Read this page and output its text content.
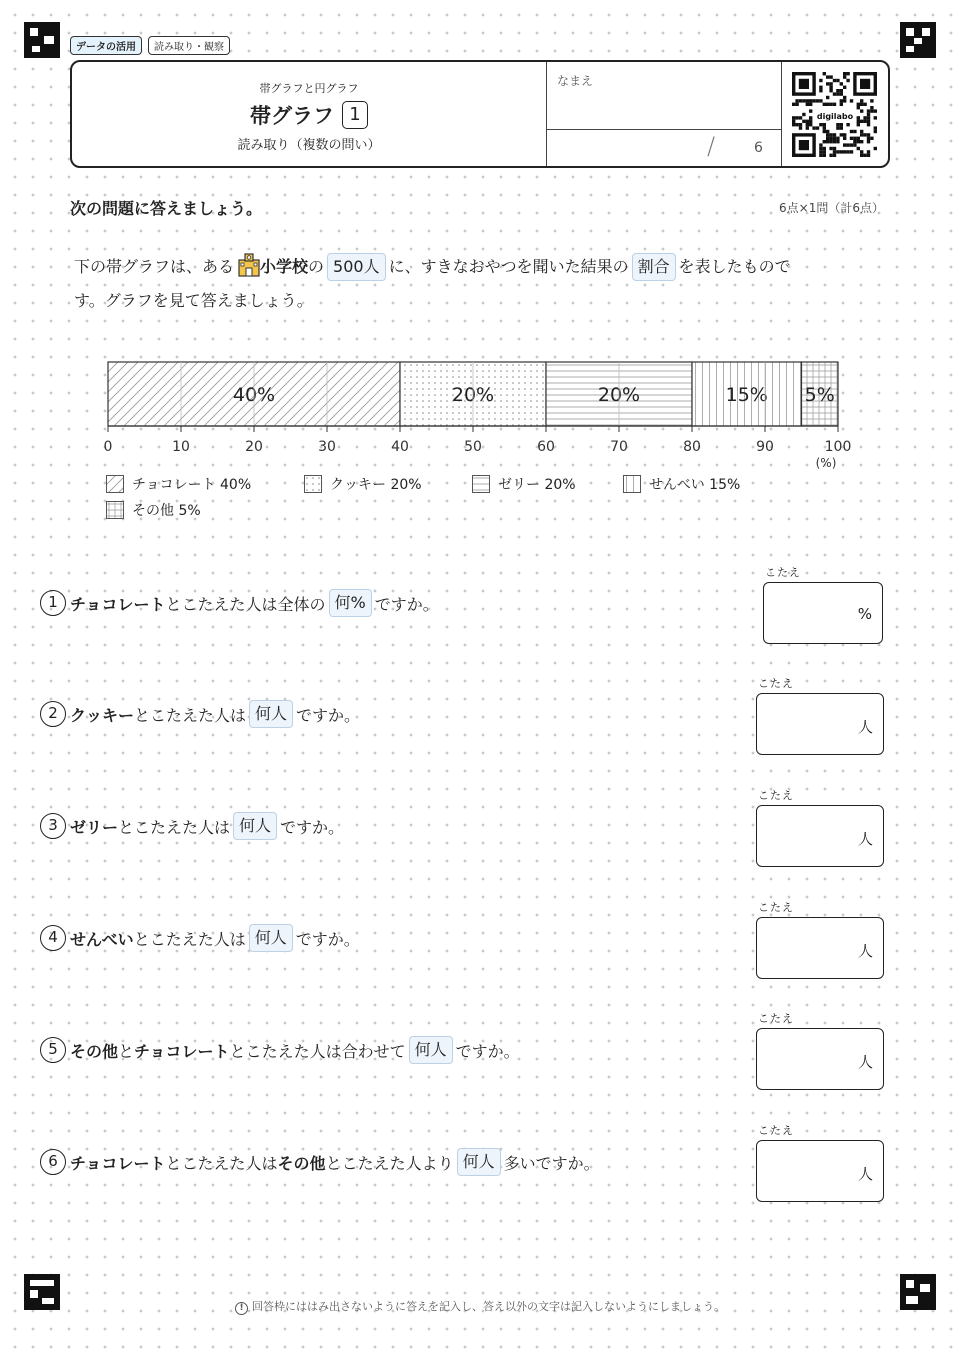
データの活用	読み取り・観察
帯グラフと円グラフ
帯グラフ 1
読み取り（複数の問い）
なまえ
/	6
digilabo
次の問題に答えましょう。	6点×1問（計6点）
下の帯グラフは、ある 小学校の 500人 に、すきなおやつを聞いた結果の 割合 を表したもので
す。グラフを見て答えましょう。
40%	20%	20%	15% 5%
0	10	20	30	40	50	60	70	80	90	100
(%)
チョコレート 40%	クッキー 20%	ゼリー 20%	せんべい 15%
その他 5%
1 チョコレート とこたえた人は全体の 何% ですか。
こたえ
%
2 クッキー とこたえた人は 何人 ですか。
こたえ
人
3 ゼリー とこたえた人は 何人 ですか。
こたえ
人
4 せんべい とこたえた人は 何人 ですか。
こたえ
人
5 その他 と チョコレート とこたえた人は合わせて 何人 ですか。
こたえ
人
6 チョコレート とこたえた人は その他 とこたえた人より 何人 多いですか。
こたえ
人
! 回答枠にははみ出さないように答えを記入し、答え以外の文字は記入しないようにしましょう。
